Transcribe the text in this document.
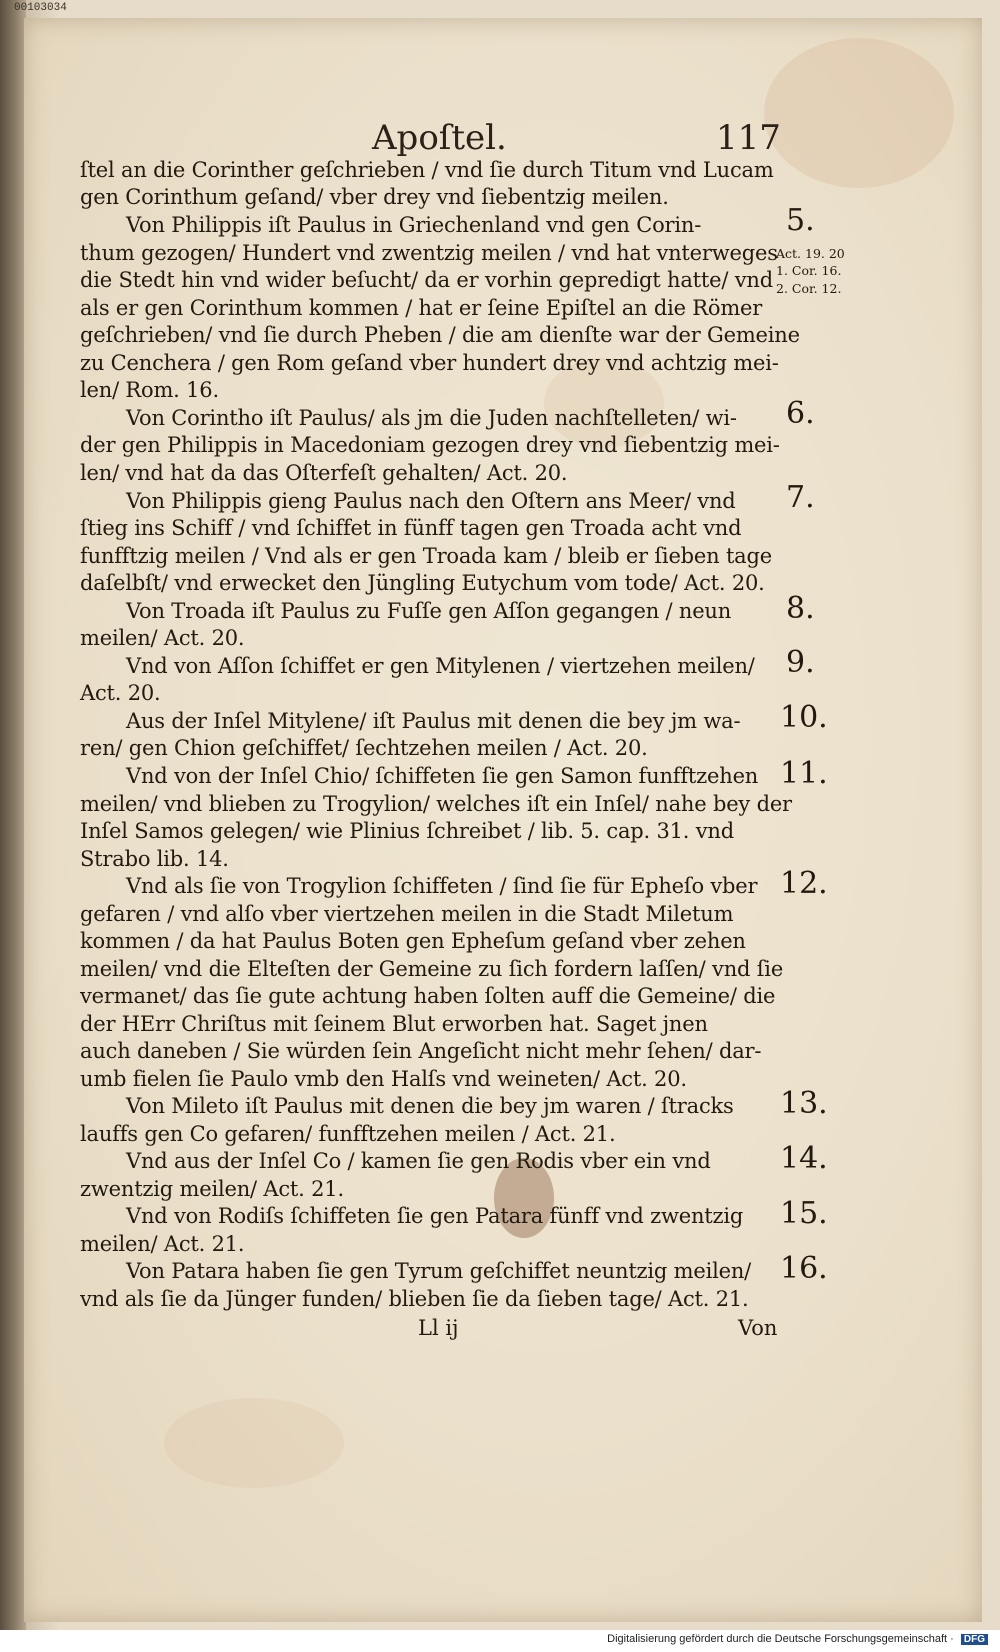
00103034
Apoſtel.	117
ſtel an die Corinther geſchrieben / vnd ſie durch Titum vnd Lucam
gen Corinthum geſand/ vber drey vnd ſiebentzig meilen.
Von Philippis iſt Paulus in Griechenland vnd gen Corin-
thum gezogen/ Hundert vnd zwentzig meilen / vnd hat vnterweges
die Stedt hin vnd wider beſucht/ da er vorhin gepredigt hatte/ vnd
als er gen Corinthum kommen / hat er ſeine Epiſtel an die Römer
geſchrieben/ vnd ſie durch Pheben / die am dienſte war der Gemeine
zu Cenchera / gen Rom geſand vber hundert drey vnd achtzig mei-
len/ Rom. 16.
Von Corintho iſt Paulus/ als jm die Juden nachſtelleten/ wi-
der gen Philippis in Macedoniam gezogen drey vnd ſiebentzig mei-
len/ vnd hat da das Oſterfeſt gehalten/ Act. 20.
Von Philippis gieng Paulus nach den Oſtern ans Meer/ vnd
ſtieg ins Schiff / vnd ſchiffet in fünff tagen gen Troada acht vnd
funfftzig meilen / Vnd als er gen Troada kam / bleib er ſieben tage
daſelbſt/ vnd erwecket den Jüngling Eutychum vom tode/ Act. 20.
Von Troada iſt Paulus zu Fuſſe gen Aſſon gegangen / neun
meilen/ Act. 20.
Vnd von Aſſon ſchiffet er gen Mitylenen / viertzehen meilen/
Act. 20.
Aus der Inſel Mitylene/ iſt Paulus mit denen die bey jm wa-
ren/ gen Chion geſchiffet/ ſechtzehen meilen / Act. 20.
Vnd von der Inſel Chio/ ſchiffeten ſie gen Samon funfftzehen
meilen/ vnd blieben zu Trogylion/ welches iſt ein Inſel/ nahe bey der
Inſel Samos gelegen/ wie Plinius ſchreibet / lib. 5. cap. 31. vnd
Strabo lib. 14.
Vnd als ſie von Trogylion ſchiffeten / ſind ſie für Epheſo vber
gefaren / vnd alſo vber viertzehen meilen in die Stadt Miletum
kommen / da hat Paulus Boten gen Epheſum geſand vber zehen
meilen/ vnd die Elteſten der Gemeine zu ſich fordern laſſen/ vnd ſie
vermanet/ das ſie gute achtung haben ſolten auff die Gemeine/ die
der HErr Chriſtus mit ſeinem Blut erworben hat. Saget jnen
auch daneben / Sie würden ſein Angeſicht nicht mehr ſehen/ dar-
umb fielen ſie Paulo vmb den Halſs vnd weineten/ Act. 20.
Von Mileto iſt Paulus mit denen die bey jm waren / ſtracks
lauffs gen Co gefaren/ funfftzehen meilen / Act. 21.
Vnd aus der Inſel Co / kamen ſie gen Rodis vber ein vnd
zwentzig meilen/ Act. 21.
Vnd von Rodiſs ſchiffeten ſie gen Patara fünff vnd zwentzig
meilen/ Act. 21.
Von Patara haben ſie gen Tyrum geſchiffet neuntzig meilen/
vnd als ſie da Jünger funden/ blieben ſie da ſieben tage/ Act. 21.
5.
6.
7.
8.
9.
10.
11.
12.
13.
14.
15.
16.
Act. 19. 20
1. Cor. 16.
2. Cor. 12.
Ll ij	Von
Digitalisierung gefördert durch die Deutsche Forschungsgemeinschaft · DFG
